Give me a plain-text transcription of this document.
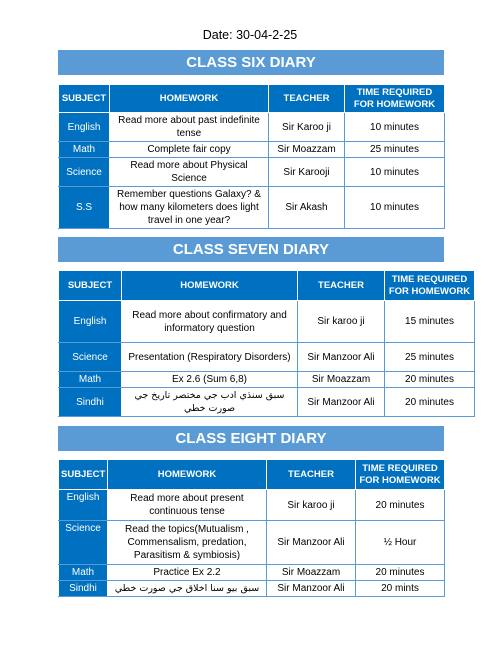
Date: 30-04-2-25
CLASS SIX DIARY
SUBJECT	HOMEWORK	TEACHER	TIME REQUIRED FOR HOMEWORK
English	Read more about past indefinite tense	Sir Karoo ji	10 minutes
Math	Complete fair copy	Sir Moazzam	25 minutes
Science	Read more about Physical Science	Sir Karooji	10 minutes
S.S	Remember questions Galaxy? & how many kilometers does light travel in one year?	Sir Akash	10 minutes
CLASS SEVEN DIARY
SUBJECT	HOMEWORK	TEACHER	TIME REQUIRED FOR HOMEWORK
English	Read more about confirmatory and informatory question	Sir karoo ji	15 minutes
Science	Presentation (Respiratory Disorders)	Sir Manzoor Ali	25 minutes
Math	Ex 2.6 (Sum 6,8)	Sir Moazzam	20 minutes
Sindhi	سبق سنڌي ادب جي مختصر تاريخ جي صورت خطي	Sir Manzoor Ali	20 minutes
CLASS EIGHT DIARY
SUBJECT	HOMEWORK	TEACHER	TIME REQUIRED FOR HOMEWORK
English	Read more about present continuous tense	Sir karoo ji	20 minutes
Science	Read the topics(Mutualism , Commensalism, predation, Parasitism & symbiosis)	Sir Manzoor Ali	½ Hour
Math	Practice Ex 2.2	Sir Moazzam	20 minutes
Sindhi	سبق بيو سنا اخلاق جي صورت خطي	Sir Manzoor Ali	20 mints
